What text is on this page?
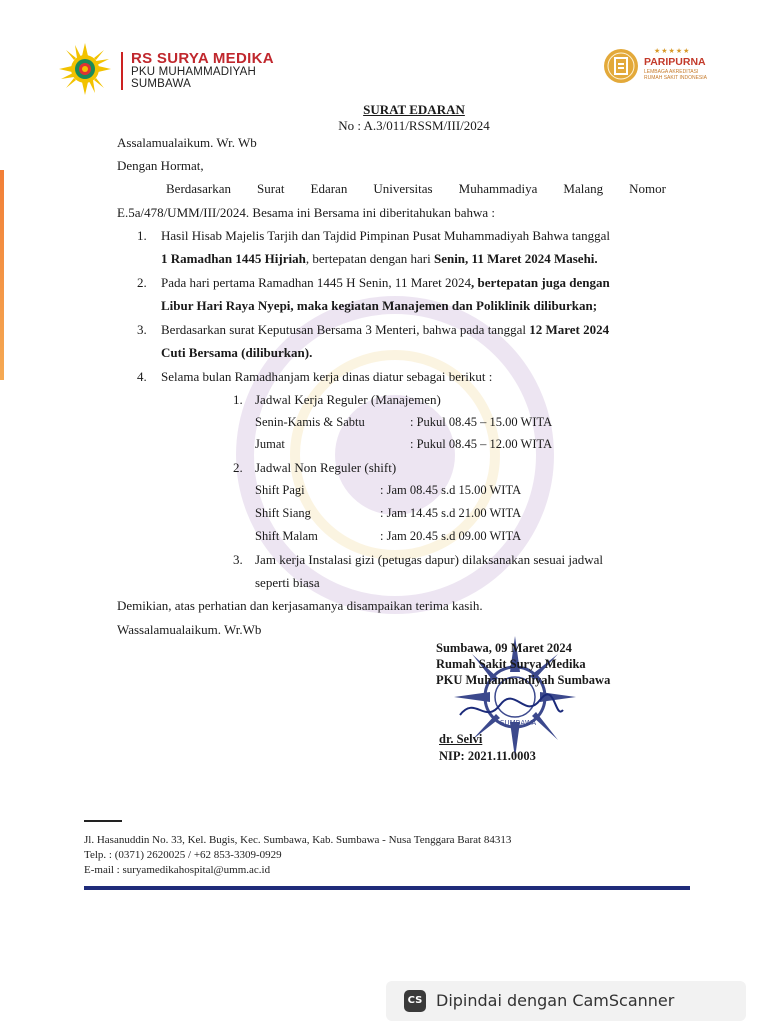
RS SURYA MEDIKA
PKU MUHAMMADIYAH
SUMBAWA
★★★★★
PARIPURNA
LEMBAGA AKREDITASI
RUMAH SAKIT INDONESIA
SURAT EDARAN
No : A.3/011/RSSM/III/2024
Assalamualaikum. Wr. Wb
Dengan Hormat,
Berdasarkan Surat Edaran Universitas Muhammadiya Malang Nomor
E.5a/478/UMM/III/2024. Besama ini Bersama ini diberitahukan bahwa :
1. Hasil Hisab Majelis Tarjih dan Tajdid Pimpinan Pusat Muhammadiyah Bahwa tanggal
1 Ramadhan 1445 Hijriah, bertepatan dengan hari Senin, 11 Maret 2024 Masehi.
2. Pada hari pertama Ramadhan 1445 H Senin, 11 Maret 2024, bertepatan juga dengan
Libur Hari Raya Nyepi, maka kegiatan Manajemen dan Poliklinik diliburkan;
3. Berdasarkan surat Keputusan Bersama 3 Menteri, bahwa pada tanggal 12 Maret 2024
Cuti Bersama (diliburkan).
4. Selama bulan Ramadhanjam kerja dinas diatur sebagai berikut :
1. Jadwal Kerja Reguler (Manajemen)
Senin-Kamis & Sabtu	: Pukul 08.45 – 15.00 WITA
Jumat	: Pukul 08.45 – 12.00 WITA
2. Jadwal Non Reguler (shift)
Shift Pagi	: Jam 08.45 s.d 15.00 WITA
Shift Siang	: Jam 14.45 s.d 21.00 WITA
Shift Malam	: Jam 20.45 s.d 09.00 WITA
3. Jam kerja Instalasi gizi (petugas dapur) dilaksanakan sesuai jadwal
seperti biasa
Demikian, atas perhatian dan kerjasamanya disampaikan terima kasih.
Wassalamualaikum. Wr.Wb
SUMBAWA
Sumbawa, 09 Maret 2024
Rumah Sakit Surya Medika
PKU Muhammadiyah Sumbawa
dr. Selvi
NIP: 2021.11.0003
Jl. Hasanuddin No. 33, Kel. Bugis, Kec. Sumbawa, Kab. Sumbawa - Nusa Tenggara Barat 84313
Telp. : (0371) 2620025 / +62 853-3309-0929
E-mail : suryamedikahospital@umm.ac.id
CS Dipindai dengan CamScanner
